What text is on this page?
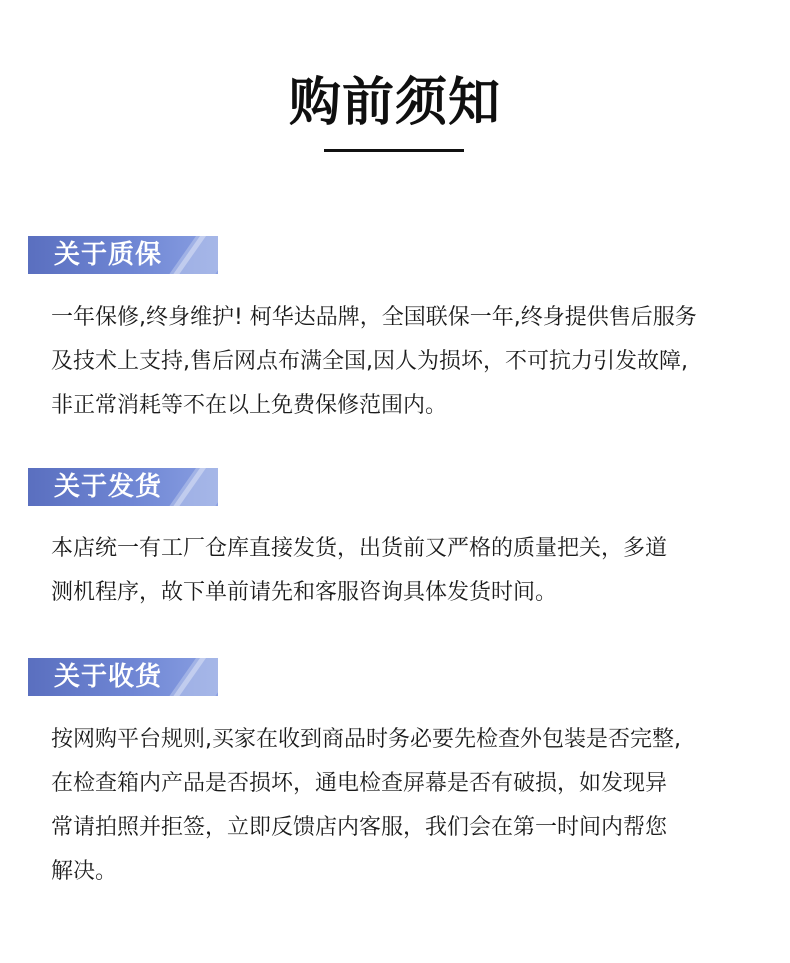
购前须知
关于质保
一年保修,终身维护! 柯华达品牌，全国联保一年,终身提供售后服务
及技术上支持,售后网点布满全国,因人为损坏，不可抗力引发故障,
非正常消耗等不在以上免费保修范围内。
关于发货
本店统一有工厂仓库直接发货，出货前又严格的质量把关，多道
测机程序，故下单前请先和客服咨询具体发货时间。
关于收货
按网购平台规则,买家在收到商品时务必要先检查外包装是否完整,
在检查箱内产品是否损坏，通电检查屏幕是否有破损，如发现异
常请拍照并拒签，立即反馈店内客服，我们会在第一时间内帮您
解决。
